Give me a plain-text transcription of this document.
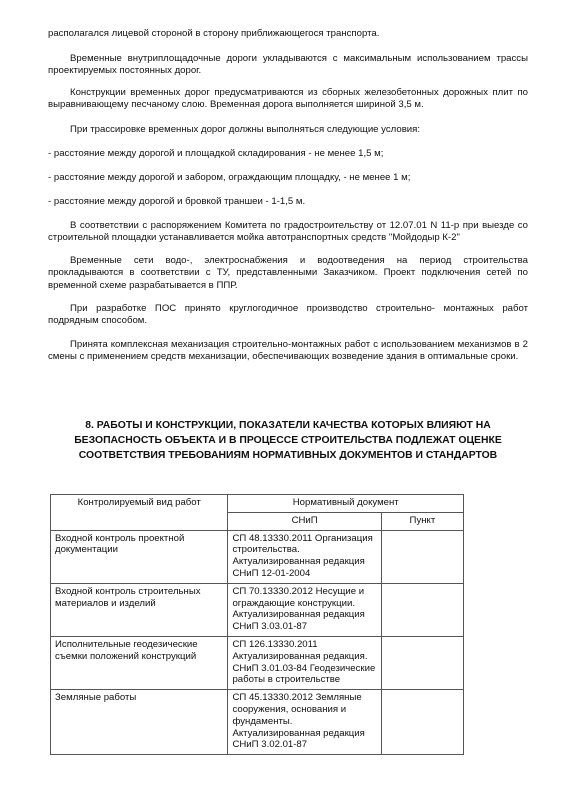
располагался лицевой стороной в сторону приближающегося транспорта.

Временные внутриплощадочные дороги укладываются с максимальным использованием трассы проектируемых постоянных дорог.

Конструкции временных дорог предусматриваются из сборных железобетонных дорожных плит по выравнивающему песчаному слою. Временная дорога выполняется шириной 3,5 м.

При трассировке временных дорог должны выполняться следующие условия:

- расстояние между дорогой и площадкой складирования - не менее 1,5 м;

- расстояние между дорогой и забором, ограждающим площадку, - не менее 1 м;

- расстояние между дорогой и бровкой траншеи - 1-1,5 м.

В соответствии с распоряжением Комитета по градостроительству от 12.07.01 N 11-р при выезде со строительной площадки устанавливается мойка автотранспортных средств "Мойдодыр К-2"

Временные сети водо-, электроснабжения и водоотведения на период строительства прокладываются в соответствии с ТУ, представленными Заказчиком. Проект подключения сетей по временной схеме разрабатывается в ППР.

При разработке ПОС принято круглогодичное производство строительно- монтажных работ подрядным способом.

Принята комплексная механизация строительно-монтажных работ с использованием механизмов в 2 смены с применением средств механизации, обеспечивающих возведение здания в оптимальные сроки.

8. РАБОТЫ И КОНСТРУКЦИИ, ПОКАЗАТЕЛИ КАЧЕСТВА КОТОРЫХ ВЛИЯЮТ НА БЕЗОПАСНОСТЬ ОБЪЕКТА И В ПРОЦЕССЕ СТРОИТЕЛЬСТВА ПОДЛЕЖАТ ОЦЕНКЕ СООТВЕТСТВИЯ ТРЕБОВАНИЯМ НОРМАТИВНЫХ ДОКУМЕНТОВ И СТАНДАРТОВ
Контролируемый вид работ	Нормативный документ	
	СНиП	Пункт
Входной контроль проектной документации	СП 48.13330.2011 Организация строительства. Актуализированная редакция СНиП 12-01-2004	
Входной контроль строительных материалов и изделий	СП 70.13330.2012 Несущие и ограждающие конструкции. Актуализированная редакция СНиП 3.03.01-87	
Исполнительные геодезические съемки положений конструкций	СП 126.13330.2011 Актуализированная редакция. СНиП 3.01.03-84 Геодезические работы в строительстве	
Земляные работы	СП 45.13330.2012 Земляные сооружения, основания и фундаменты. Актуализированная редакция СНиП 3.02.01-87	
